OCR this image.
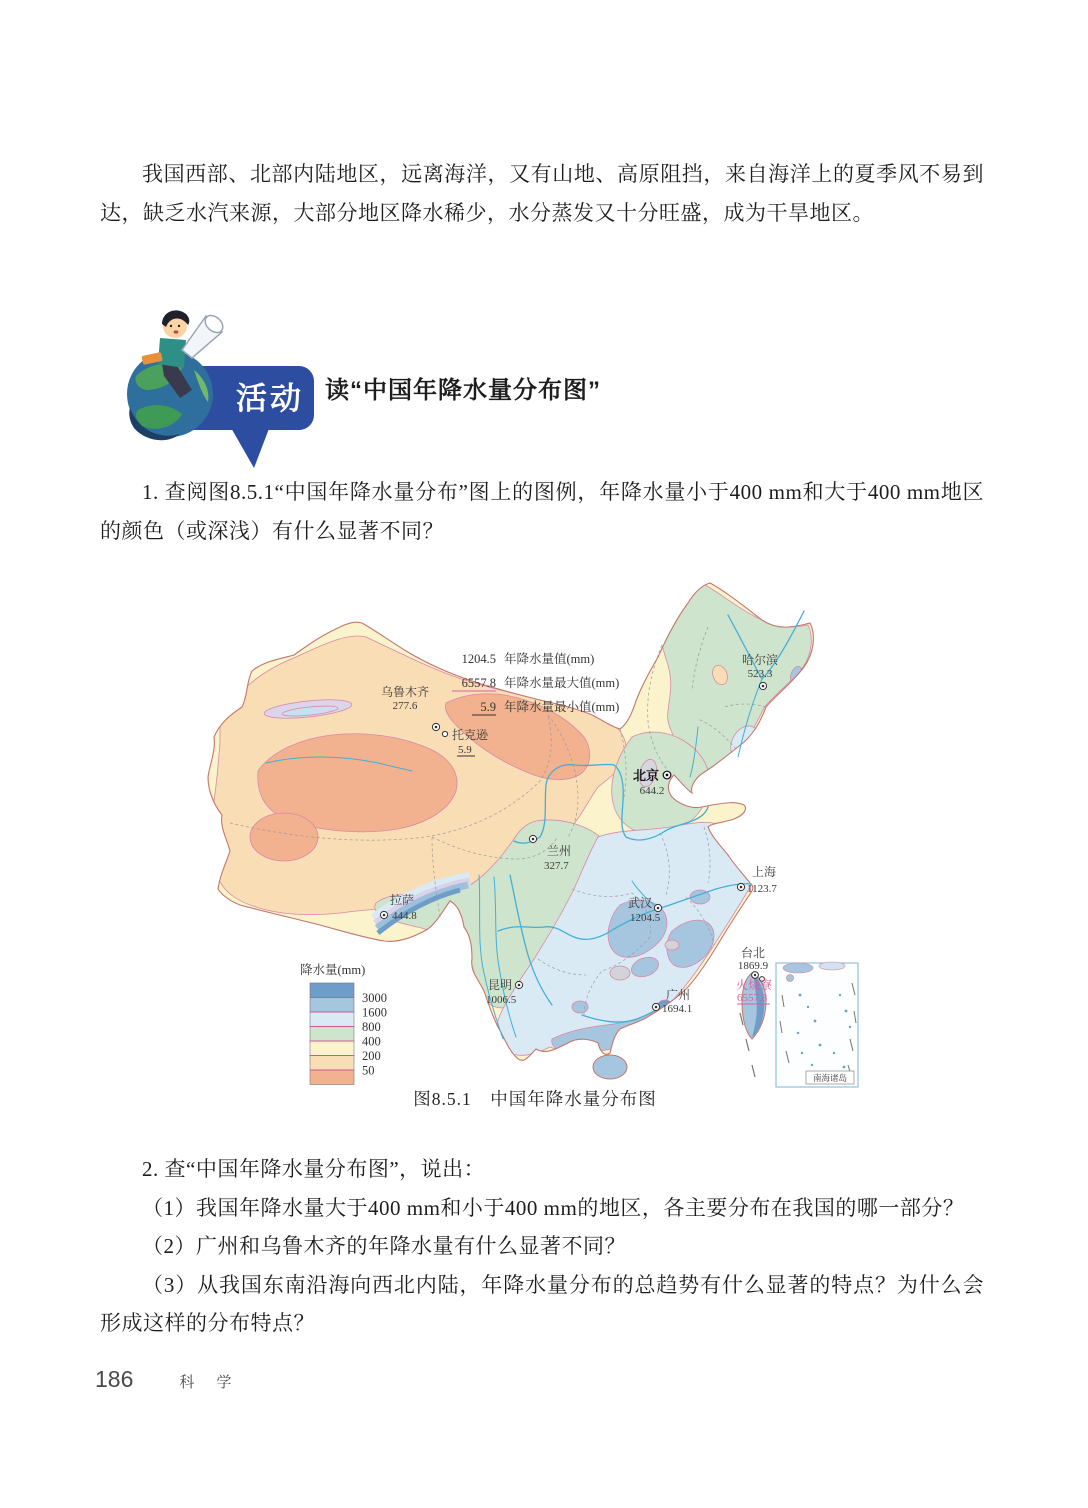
我国西部、北部内陆地区，远离海洋，又有山地、高原阻挡，来自海洋上的夏季风不易到达，缺乏水汽来源，大部分地区降水稀少，水分蒸发又十分旺盛，成为干旱地区。

活动 读“中国年降水量分布图”

1. 查阅图8.5.1“中国年降水量分布”图上的图例，年降水量小于400 mm和大于400 mm地区的颜色（或深浅）有什么显著不同？

1204.5 年降水量值(mm)
6557.8 年降水量最大值(mm)
5.9 年降水量最小值(mm)
降水量(mm)
3000
1600
800
400
200
50
哈尔滨
523.3
乌鲁木齐
277.6
托克逊
5.9
北京
644.2
兰州
327.7	上海
1123.7
武汉
1204.5
拉萨
444.8
昆明
1006.5	广州
1694.1
台北
1869.9
火烧寮
6557.8
南海诸岛

图8.5.1　中国年降水量分布图

2. 查“中国年降水量分布图”，说出：

（1）我国年降水量大于400 mm和小于400 mm的地区，各主要分布在我国的哪一部分？

（2）广州和乌鲁木齐的年降水量有什么显著不同？

（3）从我国东南沿海向西北内陆，年降水量分布的总趋势有什么显著的特点？为什么会形成这样的分布特点？

186	科 学
